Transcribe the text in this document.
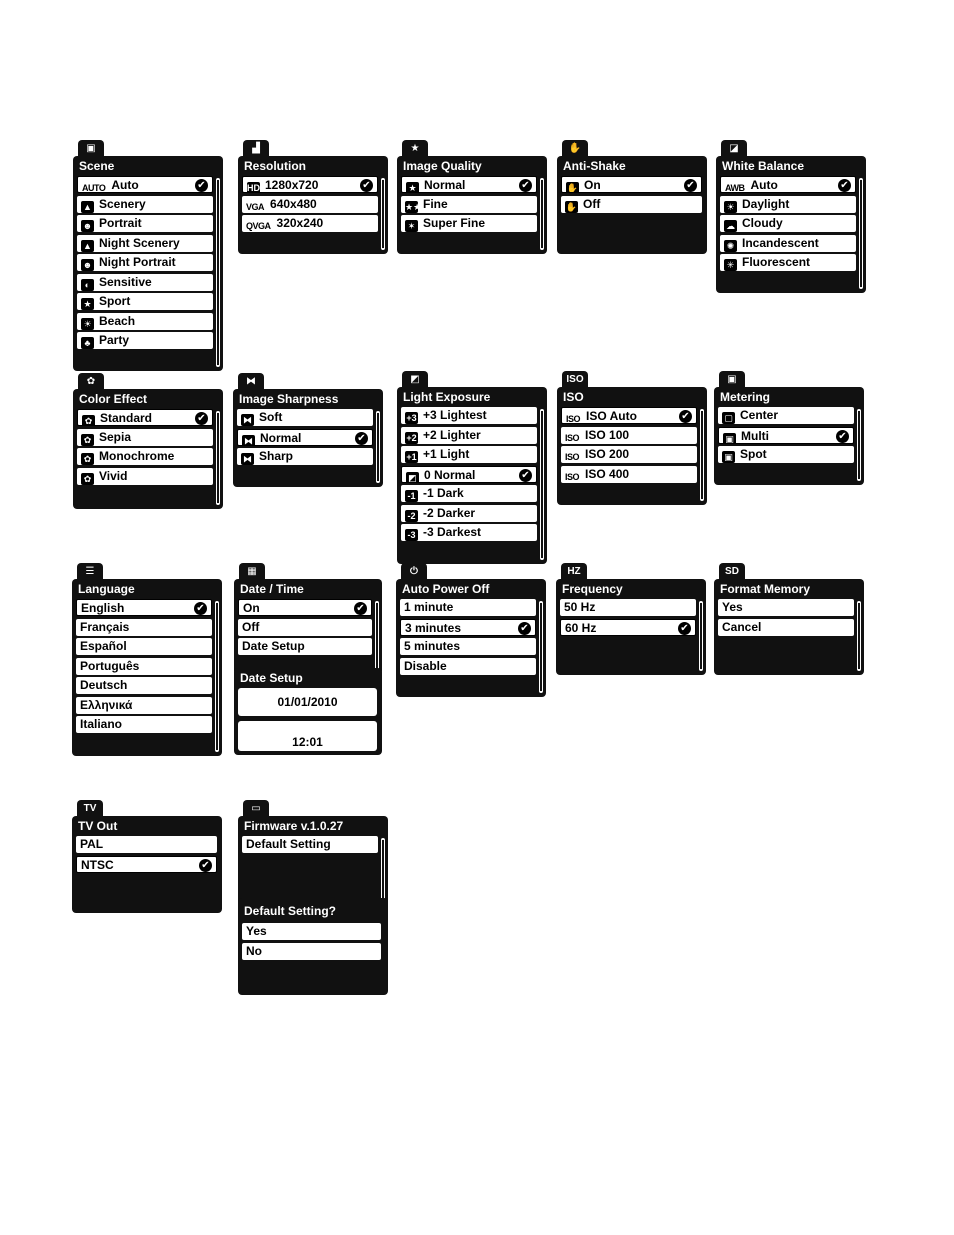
▣
Scene
AUTO Auto	✔
▲ Scenery
☻ Portrait
▲ Night Scenery
☻ Night Portrait
◐ Sensitive
★ Sport
☀ Beach
♣ Party
▟
Resolution
HD 1280x720	✔
VGA 640x480
QVGA 320x240
★
Image Quality
★ Normal	✔
★★ Fine
✶ Super Fine
✋
Anti-Shake
✋ On	✔
✋ Off
◪
White Balance
AWB Auto	✔
☀ Daylight
☁ Cloudy
✺ Incandescent
✳ Fluorescent
✿
Color Effect
✿ Standard	✔
✿ Sepia
✿ Monochrome
✿ Vivid
⧓
Image Sharpness
⧓ Soft
⧓ Normal	✔
⧓ Sharp
◩
Light Exposure
+3 +3 Lightest
+2 +2 Lighter
+1 +1 Light
◩ 0 Normal	✔
-1 -1 Dark
-2 -2 Darker
-3 -3 Darkest
ISO
ISO
ISO ISO Auto	✔
ISO ISO 100
ISO ISO 200
ISO ISO 400
▣
Metering
▢ Center
▣ Multi	✔
▣ Spot
☰
Language
English	✔
Français
Español
Português
Deutsch
Ελληνικά
Italiano
▦
Date / Time
On	✔
Off
Date Setup
⏻
Auto Power Off
1 minute
3 minutes	✔
5 minutes
Disable
HZ
Frequency
50 Hz
60 Hz	✔
SD
Format Memory
Yes
Cancel
Date Setup
01/01/2010
12:01
TV
TV Out
PAL
NTSC	✔
▭
Firmware v.1.0.27
Default Setting
Default Setting?
Yes
No
